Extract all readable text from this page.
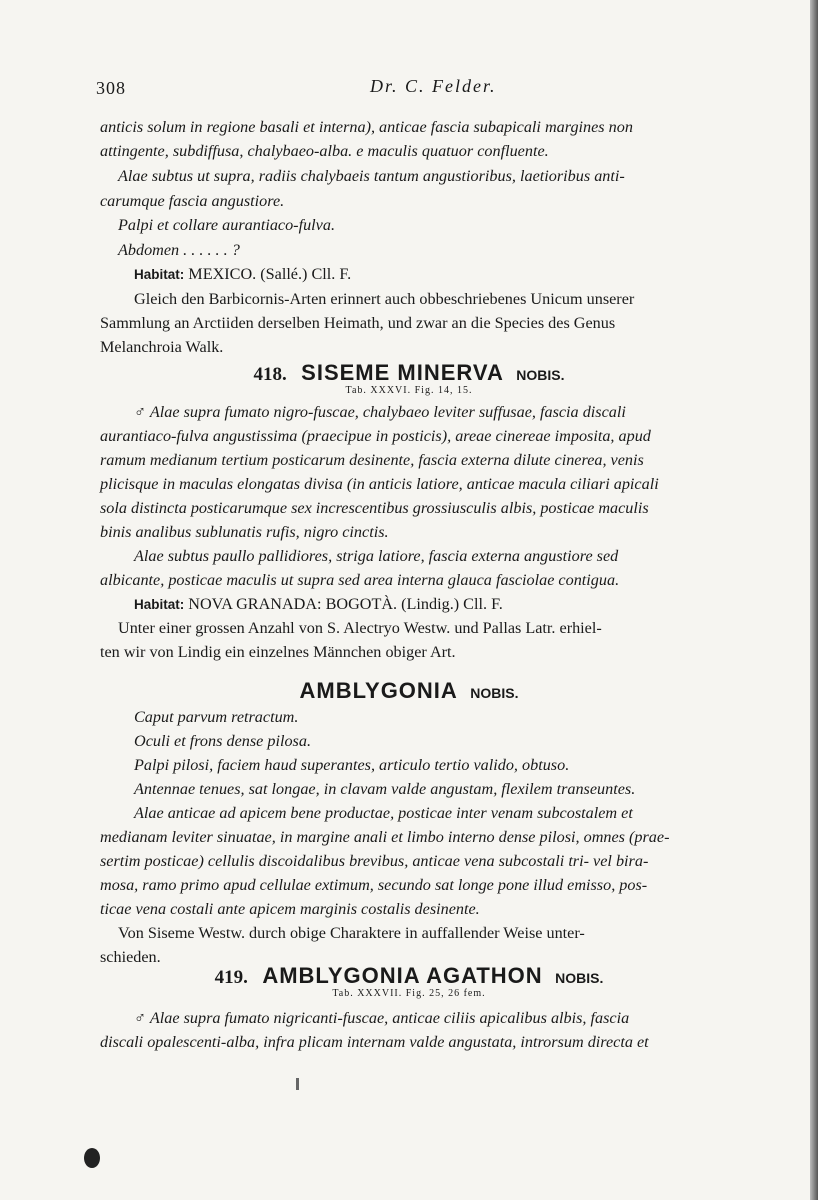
308	Dr. C. Felder.
anticis solum in regione basali et interna), anticae fascia subapicali margines non
attingente, subdiffusa, chalybaeo-alba. e maculis quatuor confluente.
Alae subtus ut supra, radiis chalybaeis tantum angustioribus, laetioribus anti-
carumque fascia angustiore.
Palpi et collare aurantiaco-fulva.
Abdomen . . . . . . ?
Habitat: MEXICO. (Sallé.) Cll. F.
Gleich den Barbicornis-Arten erinnert auch obbeschriebenes Unicum unserer
Sammlung an Arctiiden derselben Heimath, und zwar an die Species des Genus
Melanchroia Walk.
418. SISEME MINERVA NOBIS.
Tab. XXXVI. Fig. 14, 15.
♂ Alae supra fumato nigro-fuscae, chalybaeo leviter suffusae, fascia discali
aurantiaco-fulva angustissima (praecipue in posticis), areae cinereae imposita, apud
ramum medianum tertium posticarum desinente, fascia externa dilute cinerea, venis
plicisque in maculas elongatas divisa (in anticis latiore, anticae macula ciliari apicali
sola distincta posticarumque sex increscentibus grossiusculis albis, posticae maculis
binis analibus sublunatis rufis, nigro cinctis.
Alae subtus paullo pallidiores, striga latiore, fascia externa angustiore sed
albicante, posticae maculis ut supra sed area interna glauca fasciolae contigua.
Habitat: NOVA GRANADA: BOGOTÀ. (Lindig.) Cll. F.
Unter einer grossen Anzahl von S. Alectryo Westw. und Pallas Latr. erhiel-
ten wir von Lindig ein einzelnes Männchen obiger Art.
AMBLYGONIA NOBIS.
Caput parvum retractum.
Oculi et frons dense pilosa.
Palpi pilosi, faciem haud superantes, articulo tertio valido, obtuso.
Antennae tenues, sat longae, in clavam valde angustam, flexilem transeuntes.
Alae anticae ad apicem bene productae, posticae inter venam subcostalem et
medianam leviter sinuatae, in margine anali et limbo interno dense pilosi, omnes (prae-
sertim posticae) cellulis discoidalibus brevibus, anticae vena subcostali tri- vel bira-
mosa, ramo primo apud cellulae extimum, secundo sat longe pone illud emisso, pos-
ticae vena costali ante apicem marginis costalis desinente.
Von Siseme Westw. durch obige Charaktere in auffallender Weise unter-
schieden.
419. AMBLYGONIA AGATHON NOBIS.
Tab. XXXVII. Fig. 25, 26 fem.
♂ Alae supra fumato nigricanti-fuscae, anticae ciliis apicalibus albis, fascia
discali opalescenti-alba, infra plicam internam valde angustata, introrsum directa et
